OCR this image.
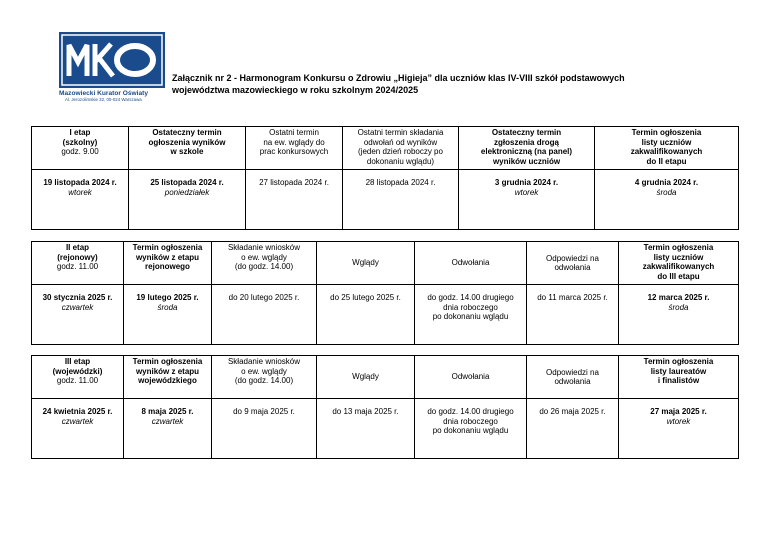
Mazowiecki Kurator Oświaty
Al. Jerozolimskie 32, 00-024 Warszawa
Załącznik nr 2 - Harmonogram Konkursu o Zdrowiu „Higieja” dla uczniów klas IV-VIII szkół podstawowych
województwa mazowieckiego w roku szkolnym 2024/2025
I etap
(szkolny)
godz. 9.00	Ostateczny termin
ogłoszenia wyników
w szkole	Ostatni termin
na ew. wglądy do
prac konkursowych	Ostatni termin składania
odwołań od wyników
(jeden dzień roboczy po
dokonaniu wglądu)	Ostateczny termin
zgłoszenia drogą
elektroniczną (na panel)
wyników uczniów	Termin ogłoszenia
listy uczniów
zakwalifikowanych
do II etapu
19 listopada 2024 r.
wtorek	25 listopada 2024 r.
poniedziałek	27 listopada 2024 r.	28 listopada 2024 r.	3 grudnia 2024 r.
wtorek	4 grudnia 2024 r.
środa
II etap
(rejonowy)
godz. 11.00	Termin ogłoszenia
wyników z etapu
rejonowego	Składanie wniosków
o ew. wglądy
(do godz. 14.00)	Wglądy	Odwołania	Odpowiedzi na
odwołania	Termin ogłoszenia
listy uczniów
zakwalifikowanych
do III etapu
30 stycznia 2025 r.
czwartek	19 lutego 2025 r.
środa	do 20 lutego 2025 r.	do 25 lutego 2025 r.	do godz. 14.00 drugiego
dnia roboczego
po dokonaniu wglądu	do 11 marca 2025 r.	12 marca 2025 r.
środa
III etap
(wojewódzki)
godz. 11.00	Termin ogłoszenia
wyników z etapu
wojewódzkiego	Składanie wniosków
o ew. wglądy
(do godz. 14.00)	Wglądy	Odwołania	Odpowiedzi na
odwołania	Termin ogłoszenia
listy laureatów
i finalistów
24 kwietnia 2025 r.
czwartek	8 maja 2025 r.
czwartek	do 9 maja 2025 r.	do 13 maja 2025 r.	do godz. 14.00 drugiego
dnia roboczego
po dokonaniu wglądu	do 26 maja 2025 r.	27 maja 2025 r.
wtorek
